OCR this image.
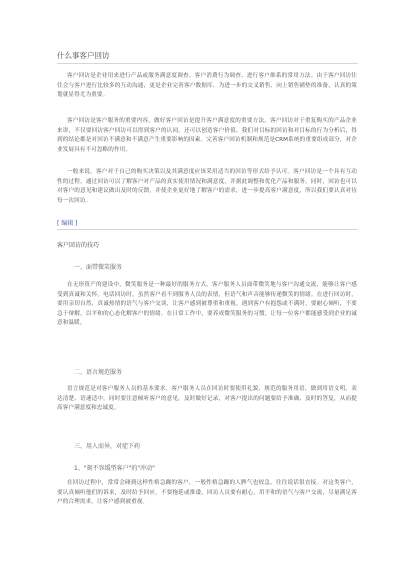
什么事客户回访

客户回访是企业用来进行产品或服务满意度调查、客户消费行为调查、进行客户维系的常用方法。由于客户回访往往会与客户进行比较多的互动沟通，更是企业完善客户数据库、为进一步的交叉销售、向上销售铺垫的准备，认真的策划就显得尤为重要。

客户回访是客户服务的重要内容，做好客户回访是提升客户满意度的重要方法。客户回访对于重复购买的产品企业来讲，不仅要回访客户回访可以得到客户的认同，还可以创造客户价值。我们对目标的回访和对目标的行为分析后，得到的结论都是对回访不满意和不满意产生重要影响的因素。完善客户回访机制和规范是CRM系统的重要组成部分，对企业发展具有不可忽略的作用。

一般来说，客户对于自己的购买决策以及其满意度应该采用适当的回访等形式给予认可。客户回访是一个具有互动性的过程，通过回访可以了解客户对产品的真实使用情况和满意度，并据此调整和优化产品和服务。同时，回访也可以对客户的意见和建议做出及时的反馈，并使企业更好地了解客户的需求，进一步提高客户满意度，所以我们要认真对待每一次回访。

[ 编辑 ]
客户回访的技巧
一、面带微笑服务

在无形资产的建设中，微笑服务是一种最好的服务方式。客户服务人员面带微笑地与客户沟通交流，能够让客户感受到真诚和关怀。电话回访时，虽然客户看不到服务人员的表情，但语气和声音能够传递微笑的情绪。在进行回访时，要用亲切自然、真诚热情的语气与客户交谈，让客户感到被尊重和重视。遇到客户有抱怨或不满时，要耐心倾听，不要急于辩解，以平和的心态化解客户的情绪。在日常工作中，要养成微笑服务的习惯，让每一位客户都能感受到企业的诚意和温暖。

二、语言规范服务

语言规范是对客户服务人员的基本要求，客户服务人员在回访时要使用礼貌、规范的服务用语，做到用语文明、表达清楚、语速适中。同时要注意倾听客户的意见，及时做好记录，对客户提出的问题要给予准确、及时的答复，从而提高客户满意度和忠诚度。

三、用人而异，对症下药
1、"刻不容缓型客户"的"冲动"

在回访过程中，常常会碰到这样性格急躁的客户，一般性格急躁的人脾气也较急，往往说话很直接。对这类客户，要认真倾听他们的诉求，及时给予回应，不要拖延或推诿。回访人员要有耐心，用平和的语气与客户交流，尽量满足客户的合理需求，让客户感到被重视。
